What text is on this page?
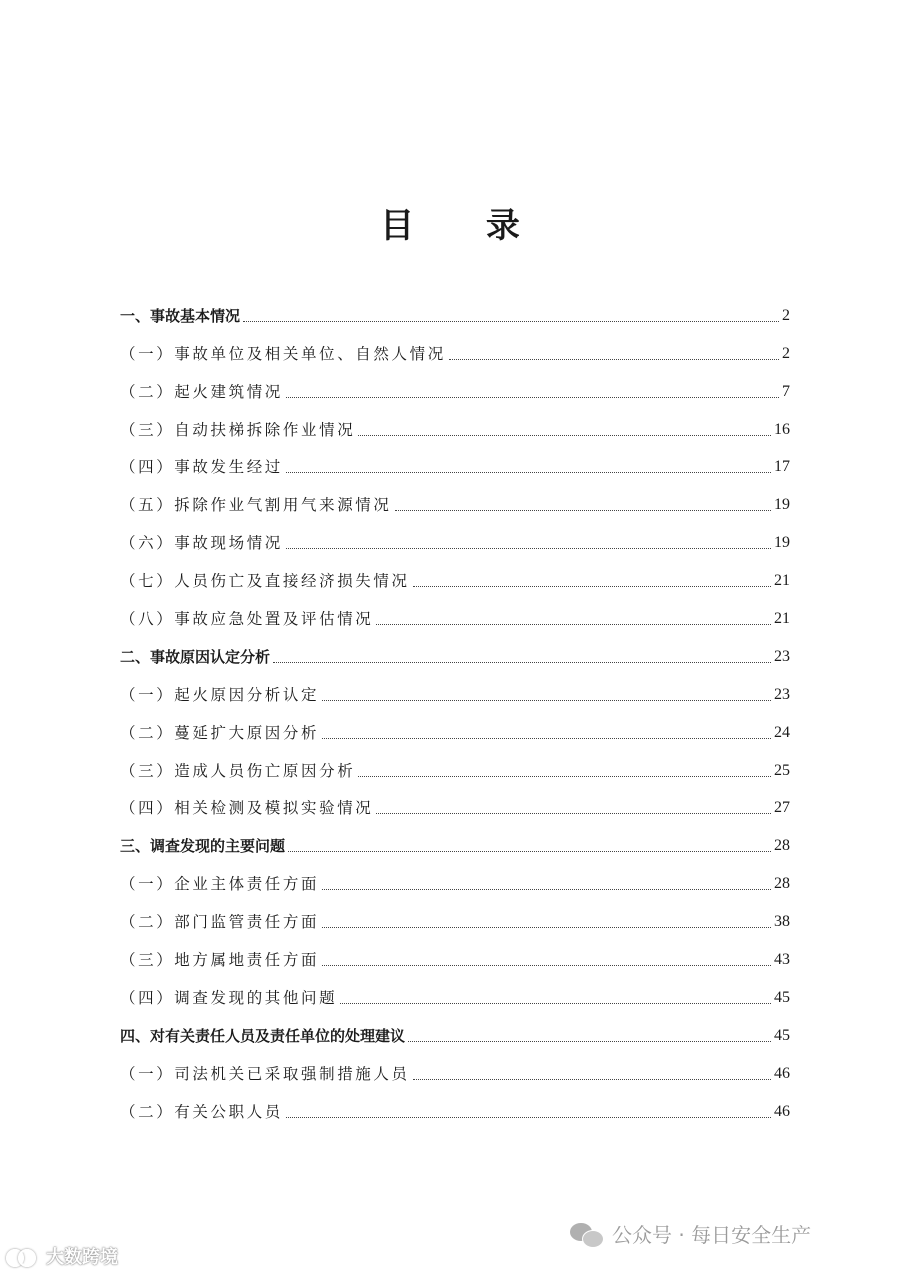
目 录
一、事故基本情况	2
（一）事故单位及相关单位、自然人情况	2
（二）起火建筑情况	7
（三）自动扶梯拆除作业情况	16
（四）事故发生经过	17
（五）拆除作业气割用气来源情况	19
（六）事故现场情况	19
（七）人员伤亡及直接经济损失情况	21
（八）事故应急处置及评估情况	21
二、事故原因认定分析	23
（一）起火原因分析认定	23
（二）蔓延扩大原因分析	24
（三）造成人员伤亡原因分析	25
（四）相关检测及模拟实验情况	27
三、调查发现的主要问题	28
（一）企业主体责任方面	28
（二）部门监管责任方面	38
（三）地方属地责任方面	43
（四）调查发现的其他问题	45
四、对有关责任人员及责任单位的处理建议	45
（一）司法机关已采取强制措施人员	46
（二）有关公职人员	46
公众号 · 每日安全生产
大数跨境
